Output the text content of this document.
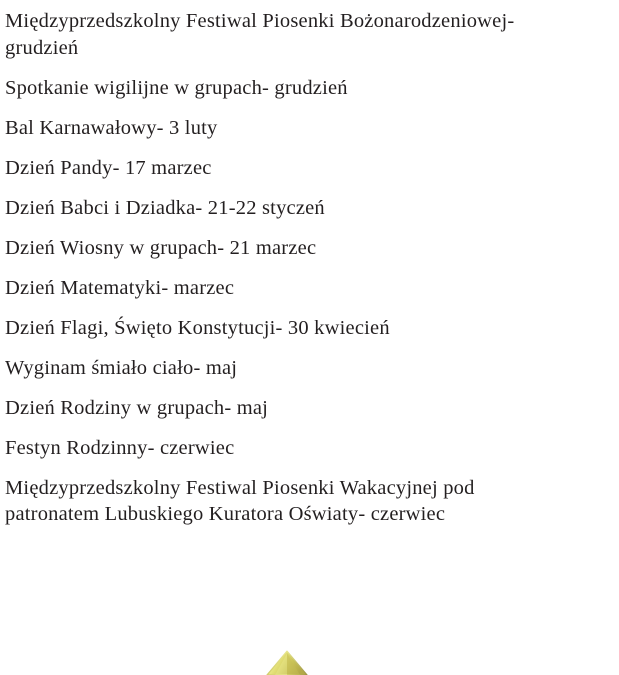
Międzyprzedszkolny Festiwal Piosenki Bożonarodzeniowej- grudzień

Spotkanie wigilijne w grupach- grudzień

Bal Karnawałowy- 3 luty

Dzień Pandy- 17 marzec

Dzień Babci i Dziadka- 21-22 styczeń

Dzień Wiosny w grupach- 21 marzec

Dzień Matematyki- marzec

Dzień Flagi, Święto Konstytucji- 30 kwiecień

Wyginam śmiało ciało- maj

Dzień Rodziny w grupach- maj

Festyn Rodzinny- czerwiec

Międzyprzedszkolny Festiwal Piosenki Wakacyjnej pod patronatem Lubuskiego Kuratora Oświaty- czerwiec
